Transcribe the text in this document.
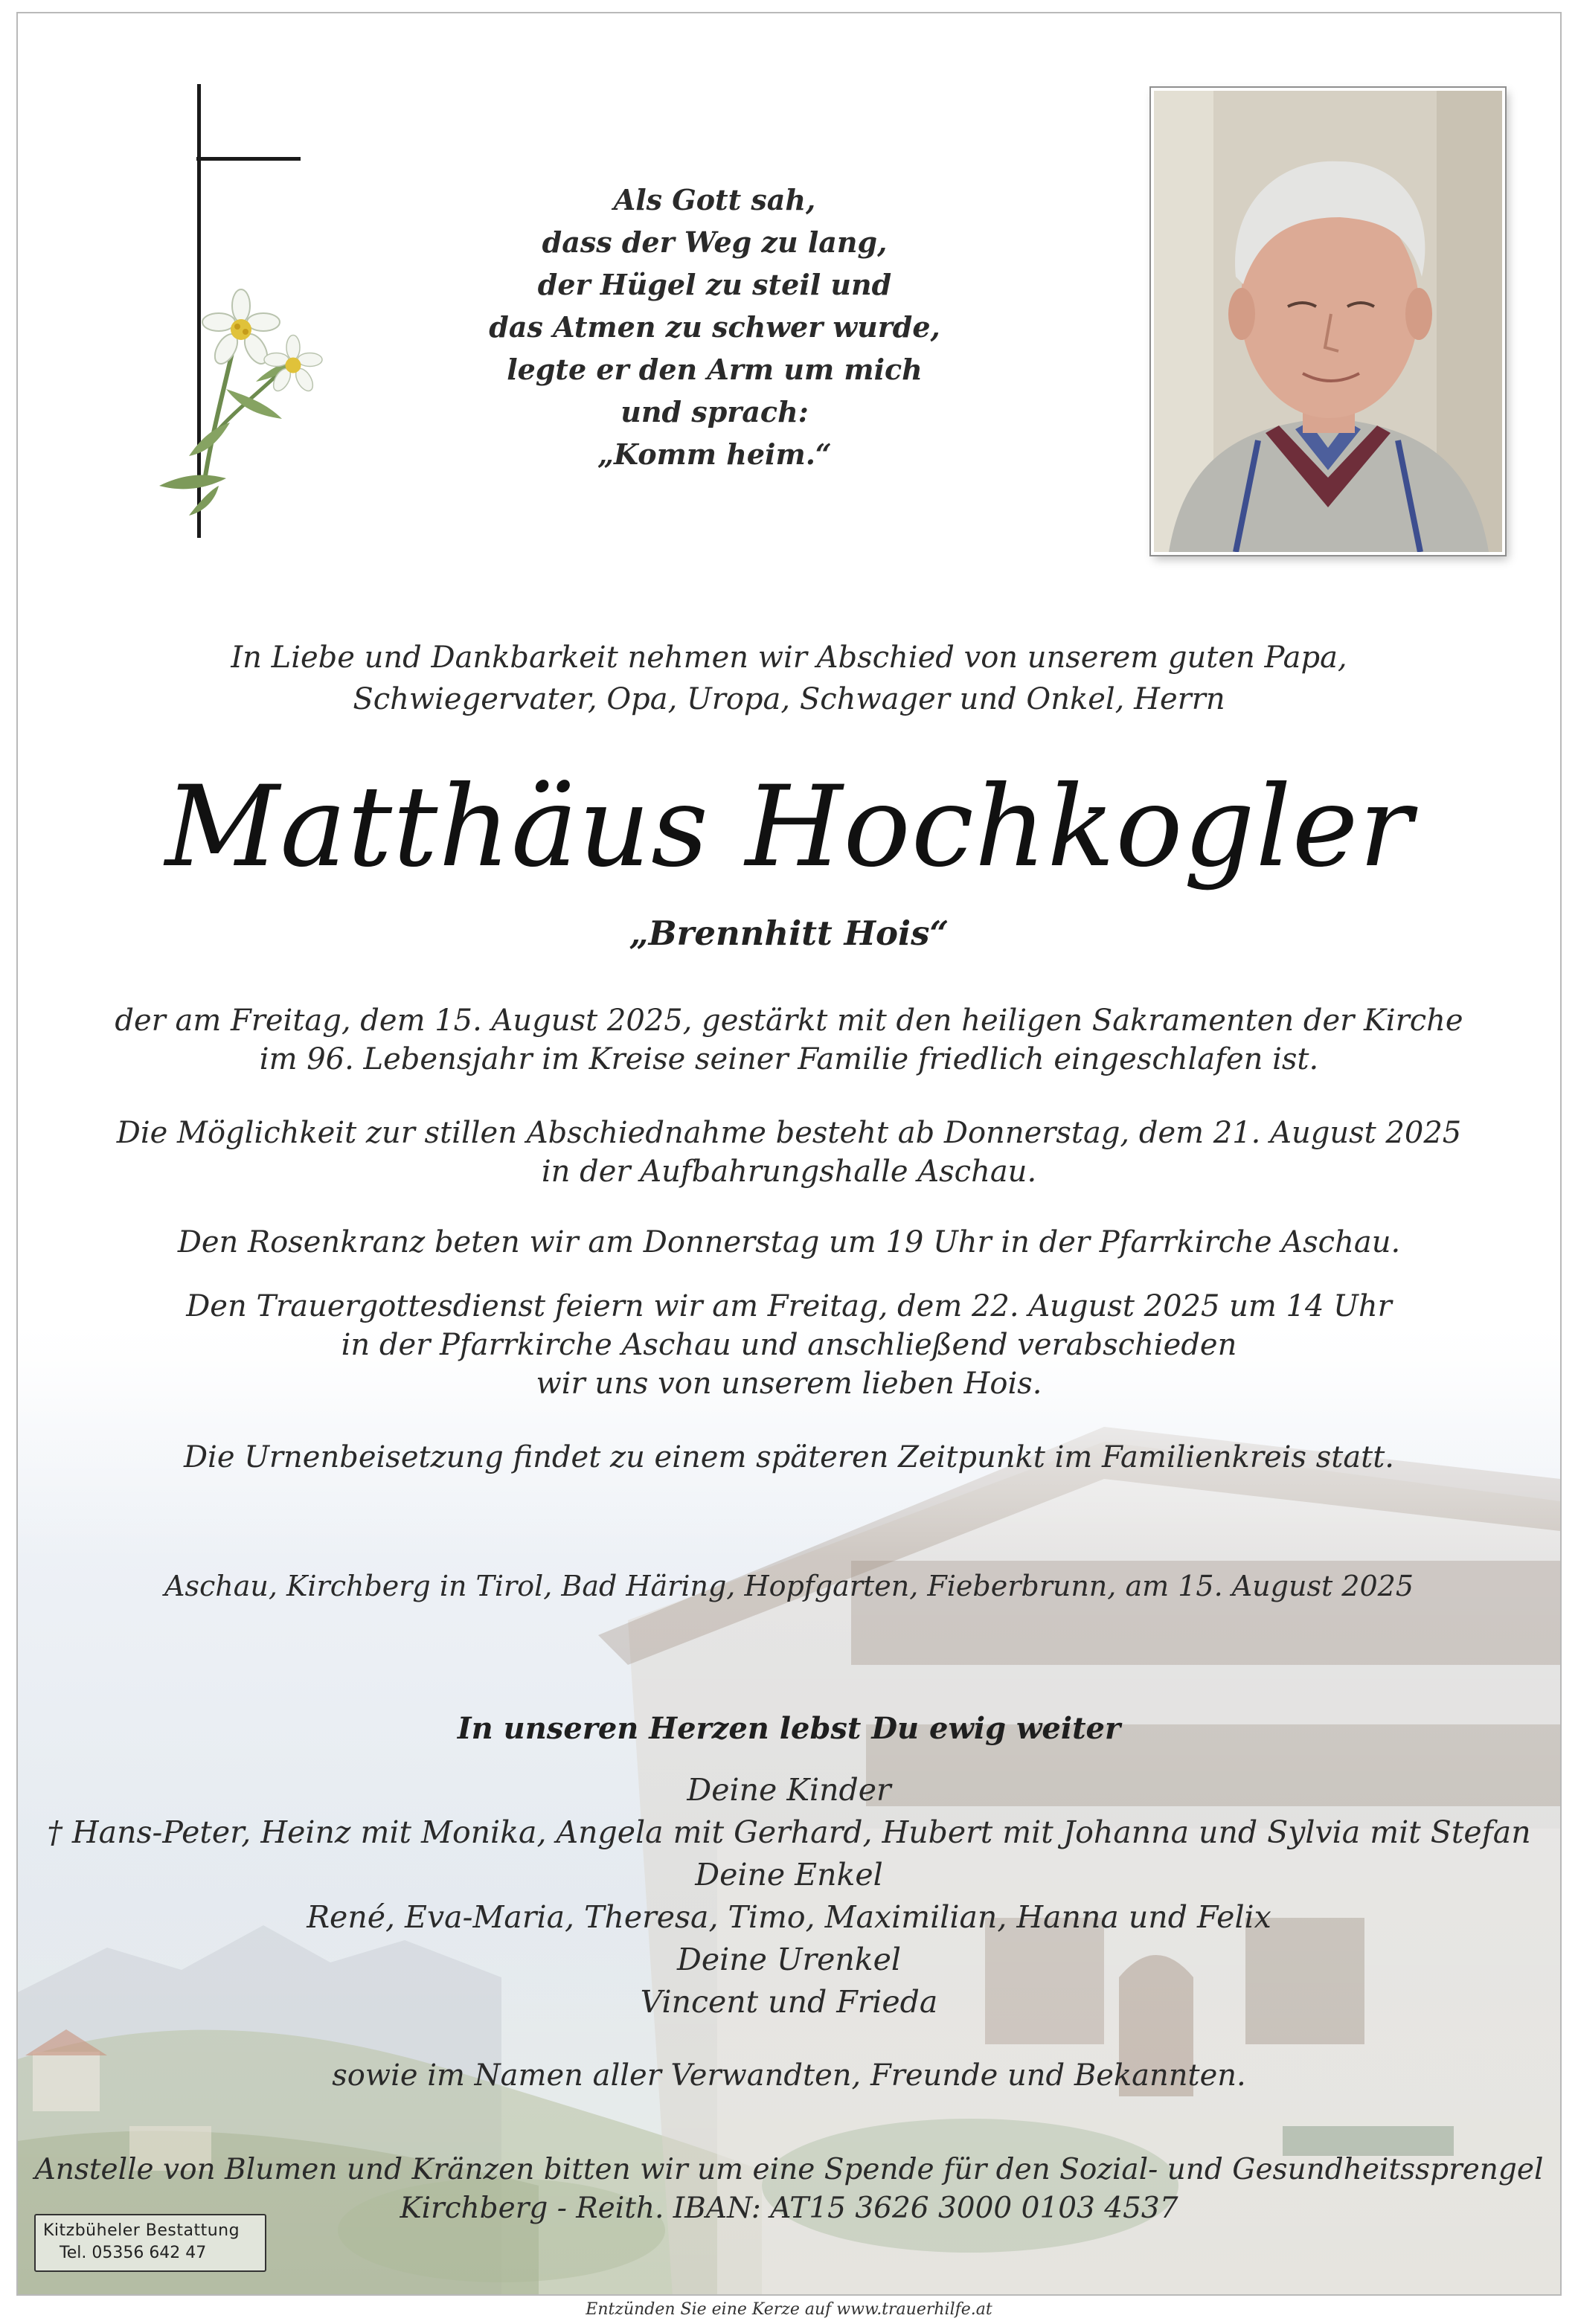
Als Gott sah,
dass der Weg zu lang,
der Hügel zu steil und
das Atmen zu schwer wurde,
legte er den Arm um mich
und sprach:
„Komm heim.“
In Liebe und Dankbarkeit nehmen wir Abschied von unserem guten Papa,
Schwiegervater, Opa, Uropa, Schwager und Onkel, Herrn
Matthäus Hochkogler
„Brennhitt Hois“
der am Freitag, dem 15. August 2025, gestärkt mit den heiligen Sakramenten der Kirche
im 96. Lebensjahr im Kreise seiner Familie friedlich eingeschlafen ist.
Die Möglichkeit zur stillen Abschiednahme besteht ab Donnerstag, dem 21. August 2025
in der Aufbahrungshalle Aschau.
Den Rosenkranz beten wir am Donnerstag um 19 Uhr in der Pfarrkirche Aschau.
Den Trauergottesdienst feiern wir am Freitag, dem 22. August 2025 um 14 Uhr
in der Pfarrkirche Aschau und anschließend verabschieden
wir uns von unserem lieben Hois.
Die Urnenbeisetzung findet zu einem späteren Zeitpunkt im Familienkreis statt.
Aschau, Kirchberg in Tirol, Bad Häring, Hopfgarten, Fieberbrunn, am 15. August 2025
In unseren Herzen lebst Du ewig weiter
Deine Kinder
† Hans-Peter, Heinz mit Monika, Angela mit Gerhard, Hubert mit Johanna und Sylvia mit Stefan
Deine Enkel
René, Eva-Maria, Theresa, Timo, Maximilian, Hanna und Felix
Deine Urenkel
Vincent und Frieda
sowie im Namen aller Verwandten, Freunde und Bekannten.
Anstelle von Blumen und Kränzen bitten wir um eine Spende für den Sozial- und Gesundheitssprengel
Kirchberg - Reith. IBAN: AT15 3626 3000 0103 4537
Kitzbüheler Bestattung
Tel. 05356 642 47
Entzünden Sie eine Kerze auf www.trauerhilfe.at
